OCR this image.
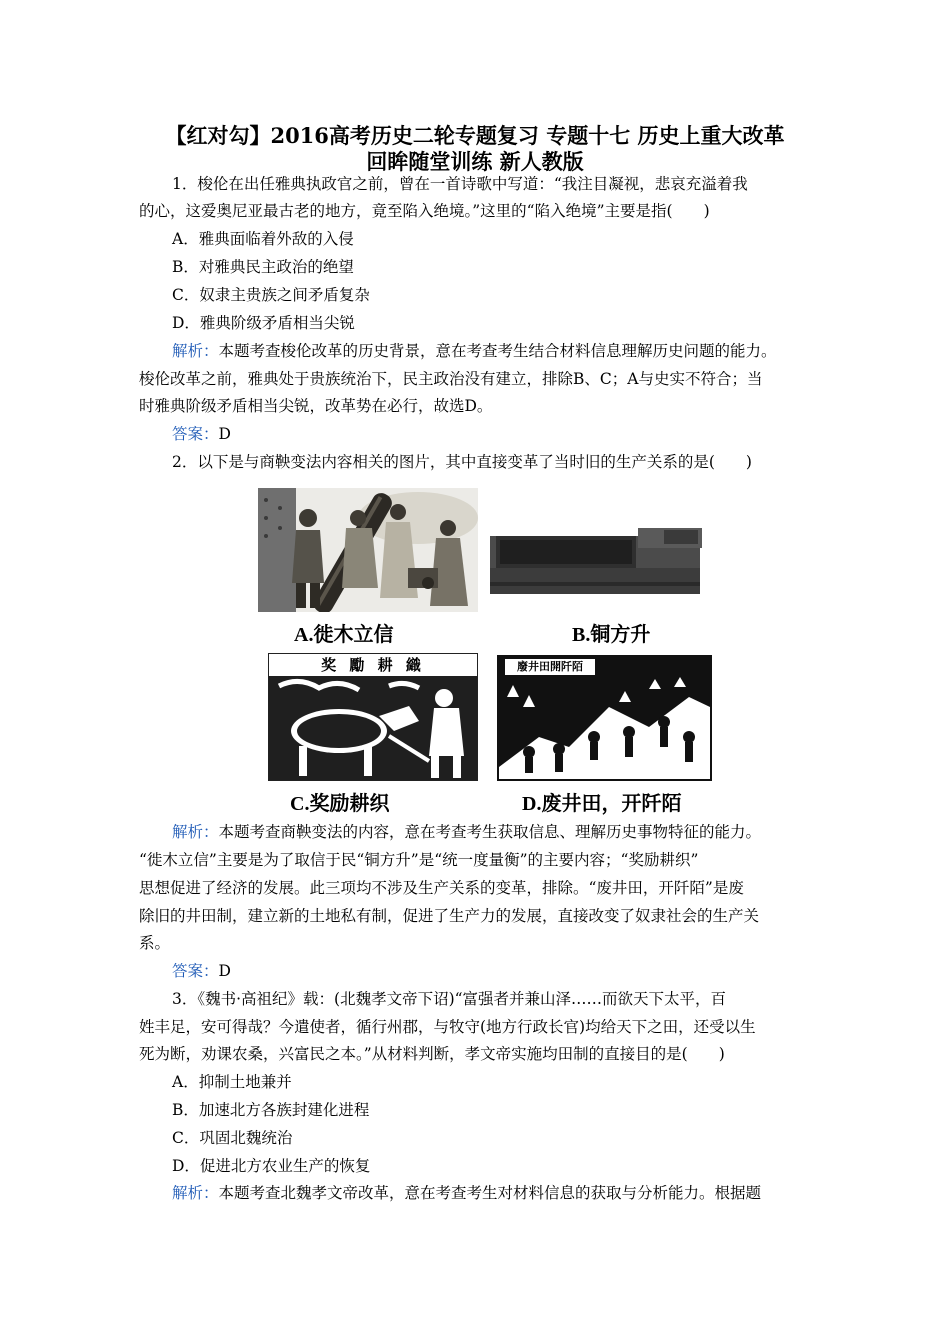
【红对勾】2016高考历史二轮专题复习 专题十七 历史上重大改革
回眸随堂训练 新人教版
1．梭伦在出任雅典执政官之前，曾在一首诗歌中写道：“我注目凝视，悲哀充溢着我
的心，这爱奥尼亚最古老的地方，竟至陷入绝境。”这里的“陷入绝境”主要是指(　　)
A．雅典面临着外敌的入侵
B．对雅典民主政治的绝望
C．奴隶主贵族之间矛盾复杂
D．雅典阶级矛盾相当尖锐
解析：本题考查梭伦改革的历史背景，意在考查考生结合材料信息理解历史问题的能力。
梭伦改革之前，雅典处于贵族统治下，民主政治没有建立，排除B、C；A与史实不符合；当
时雅典阶级矛盾相当尖锐，改革势在必行，故选D。
答案：D
2．以下是与商鞅变法内容相关的图片，其中直接变革了当时旧的生产关系的是(　　)
A.徙木立信	B.铜方升
奖 勵 耕 織
C.奖励耕织
廢井田開阡陌
D.废井田，开阡陌
解析：本题考查商鞅变法的内容，意在考查考生获取信息、理解历史事物特征的能力。
“徙木立信”主要是为了取信于民“铜方升”是“统一度量衡”的主要内容；“奖励耕织”
思想促进了经济的发展。此三项均不涉及生产关系的变革，排除。“废井田，开阡陌”是废
除旧的井田制，建立新的土地私有制，促进了生产力的发展，直接改变了奴隶社会的生产关
系。
答案：D
3．《魏书·高祖纪》载：(北魏孝文帝下诏)“富强者并兼山泽……而欲天下太平，百
姓丰足，安可得哉？今遣使者，循行州郡，与牧守(地方行政长官)均给天下之田，还受以生
死为断，劝课农桑，兴富民之本。”从材料判断，孝文帝实施均田制的直接目的是(　　)
A．抑制土地兼并
B．加速北方各族封建化进程
C．巩固北魏统治
D．促进北方农业生产的恢复
解析：本题考查北魏孝文帝改革，意在考查考生对材料信息的获取与分析能力。根据题
